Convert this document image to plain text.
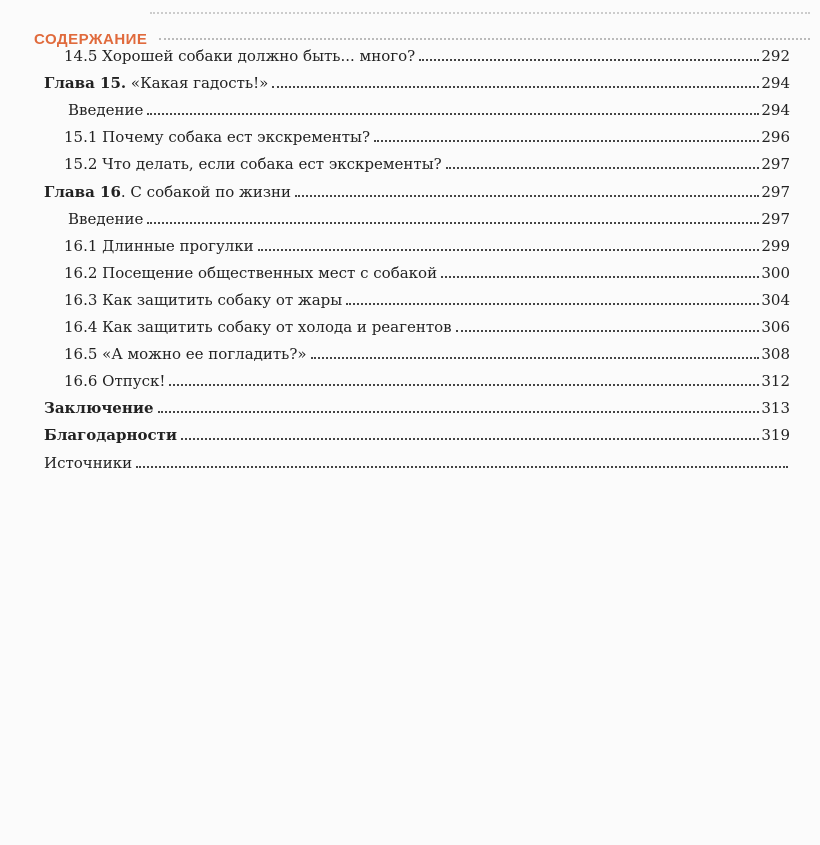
СОДЕРЖАНИЕ
14.5 Хорошей собаки должно быть... много?	292
Глава 15. «Какая гадость!»	294
Введение	294
15.1 Почему собака ест экскременты?	296
15.2 Что делать, если собака ест экскременты?	297
Глава 16. С собакой по жизни	297
Введение	297
16.1 Длинные прогулки	299
16.2 Посещение общественных мест с собакой	300
16.3 Как защитить собаку от жары	304
16.4 Как защитить собаку от холода и реагентов	306
16.5 «А можно ее погладить?»	308
16.6 Отпуск!	312
Заключение	313
Благодарности	319
Источники
